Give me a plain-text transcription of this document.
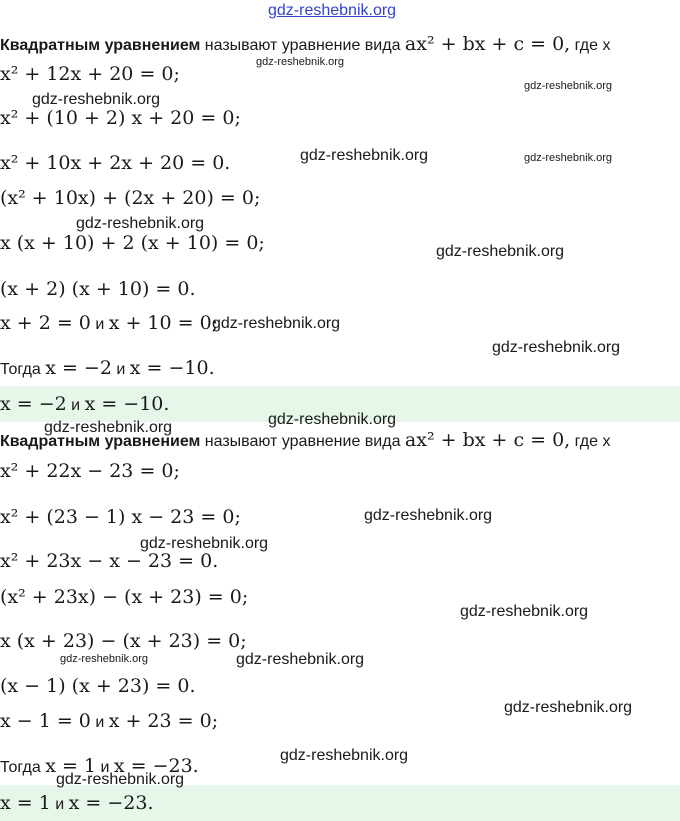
Квадратным уравнением называют уравнение вида ax² + bx + c = 0, где x
x² + 12x + 20 = 0;
x² + (10 + 2) x + 20 = 0;
x² + 10x + 2x + 20 = 0.
(x² + 10x) + (2x + 20) = 0;
x (x + 10) + 2 (x + 10) = 0;
(x + 2) (x + 10) = 0.
x + 2 = 0 и x + 10 = 0;
Тогда x = −2 и x = −10.
x = −2 и x = −10.
Квадратным уравнением называют уравнение вида ax² + bx + c = 0, где x
x² + 22x − 23 = 0;
x² + (23 − 1) x − 23 = 0;
x² + 23x − x − 23 = 0.
(x² + 23x) − (x + 23) = 0;
x (x + 23) − (x + 23) = 0;
(x − 1) (x + 23) = 0.
x − 1 = 0 и x + 23 = 0;
Тогда x = 1 и x = −23.
x = 1 и x = −23.
gdz-reshebnik.org
gdz-reshebnik.org
gdz-reshebnik.org
gdz-reshebnik.org
gdz-reshebnik.org	gdz-reshebnik.org
gdz-reshebnik.org
gdz-reshebnik.org
gdz-reshebnik.org
gdz-reshebnik.org
gdz-reshebnik.org
gdz-reshebnik.org
gdz-reshebnik.org
gdz-reshebnik.org
gdz-reshebnik.org
gdz-reshebnik.org	gdz-reshebnik.org
gdz-reshebnik.org
gdz-reshebnik.org
gdz-reshebnik.org
